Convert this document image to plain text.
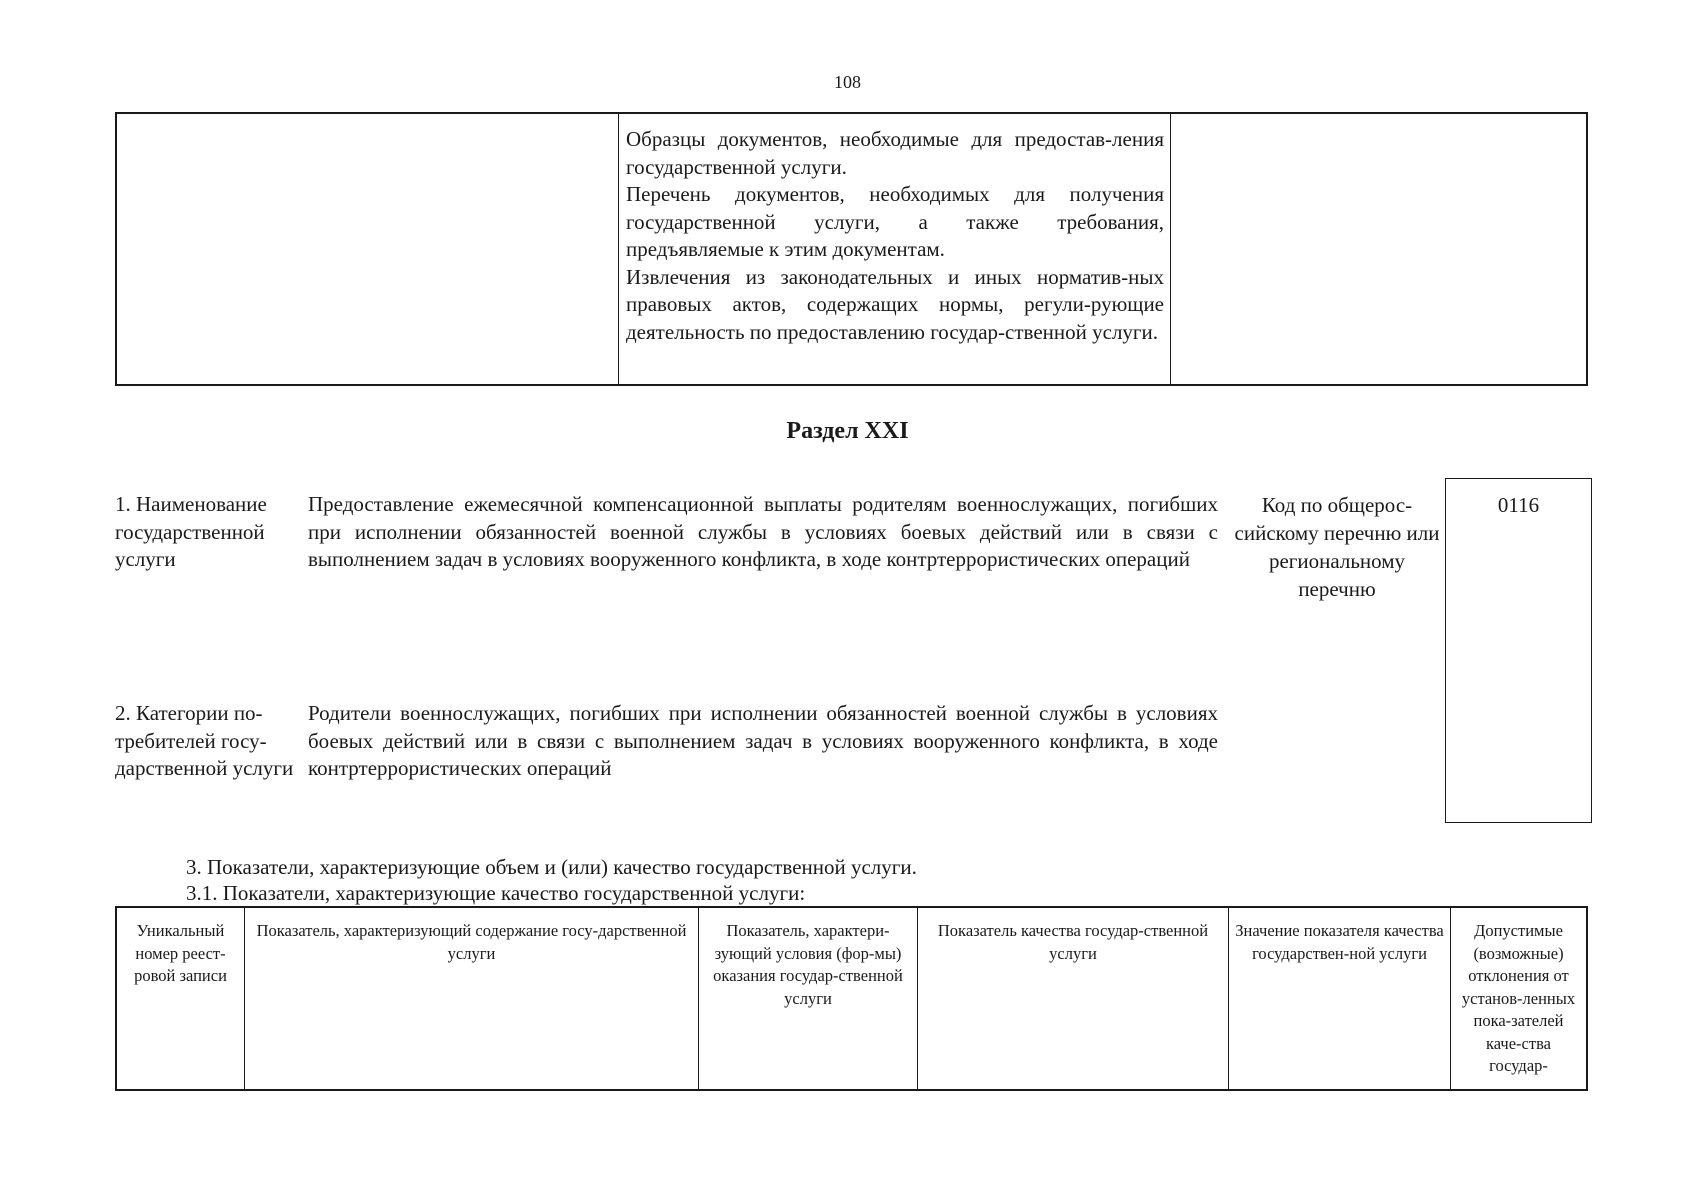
108

Образцы документов, необходимые для предостав-ления государственной услуги.

Перечень документов, необходимых для получения государственной услуги, а также требования, предъявляемые к этим документам.

Извлечения из законодательных и иных норматив-ных правовых актов, содержащих нормы, регули-рующие деятельность по предоставлению государ-ственной услуги.

Раздел XXI
1. Наименование государственной услуги

Предоставление ежемесячной компенсационной выплаты родителям военнослужащих, погибших при исполнении обязанностей военной службы в условиях боевых действий или в связи с выполнением задач в условиях вооруженного конфликта, в ходе контртеррористических операций

Код по общерос-сийскому перечню или региональному перечню
0116
2. Категории по-требителей госу-дарственной услуги

Родители военнослужащих, погибших при исполнении обязанностей военной службы в условиях боевых действий или в связи с выполнением задач в условиях вооруженного конфликта, в ходе контртеррористических операций

3. Показатели, характеризующие объем и (или) качество государственной услуги.
3.1. Показатели, характеризующие качество государственной услуги:
Уникальный номер реест-ровой записи
Показатель, характеризующий содержание госу-дарственной услуги
Показатель, характери-зующий условия (фор-мы) оказания государ-ственной услуги
Показатель качества государ-ственной услуги
Значение показателя качества государствен-ной услуги
Допустимые (возможные) отклонения от установ-ленных пока-зателей каче-ства государ-
